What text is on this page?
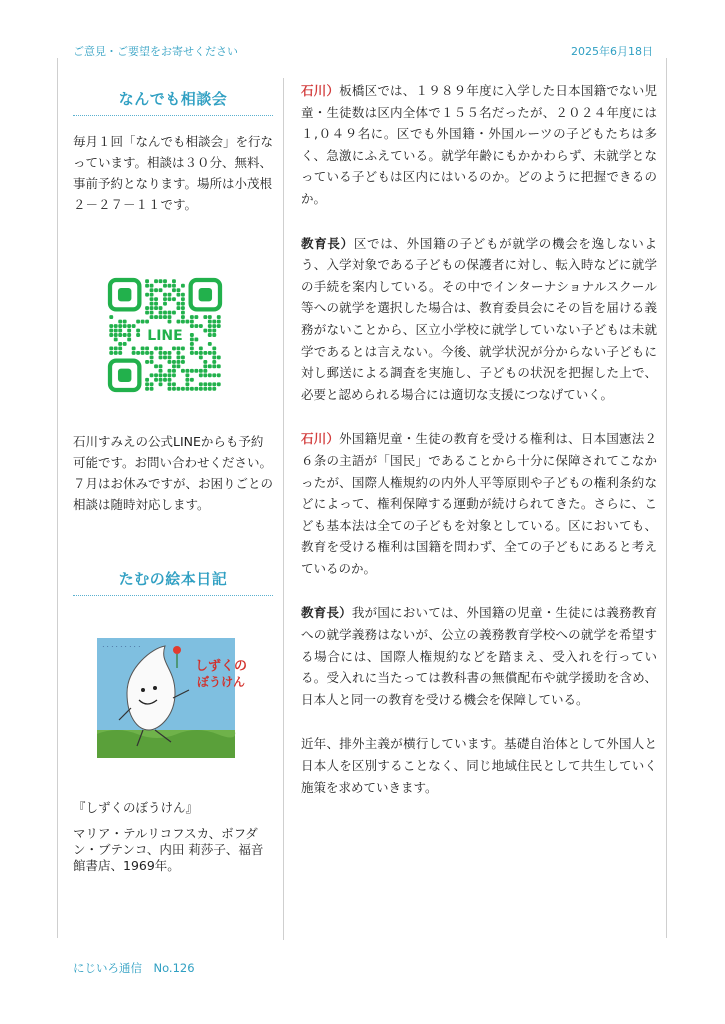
ご意見・ご要望をお寄せください	2025年6月18日
なんでも相談会

毎月１回「なんでも相談会」を行なっています。相談は３０分、無料、事前予約となります。場所は小茂根２－２７－１１です。

LINE

石川すみえの公式LINEからも予約可能です。お問い合わせください。７月はお休みですが、お困りごとの相談は随時対応します。

たむの絵本日記
・・・・・・・・・
しずくの
ぼうけん
『しずくのぼうけん』
マリア・テルリコフスカ、ボフダン・ブテンコ、内田 莉莎子、福音館書店、1969年。

石川）板橋区では、１９８９年度に入学した日本国籍でない児童・生徒数は区内全体で１５５名だったが、２０２４年度には１,０４９名に。区でも外国籍・外国ルーツの子どもたちは多く、急激にふえている。就学年齢にもかかわらず、未就学となっている子どもは区内にはいるのか。どのように把握できるのか。

教育長）区では、外国籍の子どもが就学の機会を逸しないよう、入学対象である子どもの保護者に対し、転入時などに就学の手続を案内している。その中でインターナショナルスクール等への就学を選択した場合は、教育委員会にその旨を届ける義務がないことから、区立小学校に就学していない子どもは未就学であるとは言えない。今後、就学状況が分からない子どもに対し郵送による調査を実施し、子どもの状況を把握した上で、必要と認められる場合には適切な支援につなげていく。

石川）外国籍児童・生徒の教育を受ける権利は、日本国憲法２６条の主語が「国民」であることから十分に保障されてこなかったが、国際人権規約の内外人平等原則や子どもの権利条約などによって、権利保障する運動が続けられてきた。さらに、こども基本法は全ての子どもを対象としている。区においても、教育を受ける権利は国籍を問わず、全ての子どもにあると考えているのか。

教育長）我が国においては、外国籍の児童・生徒には義務教育への就学義務はないが、公立の義務教育学校への就学を希望する場合には、国際人権規約などを踏まえ、受入れを行っている。受入れに当たっては教科書の無償配布や就学援助を含め、日本人と同一の教育を受ける機会を保障している。

近年、排外主義が横行しています。基礎自治体として外国人と日本人を区別することなく、同じ地域住民として共生していく施策を求めていきます。

にじいろ通信　No.126
